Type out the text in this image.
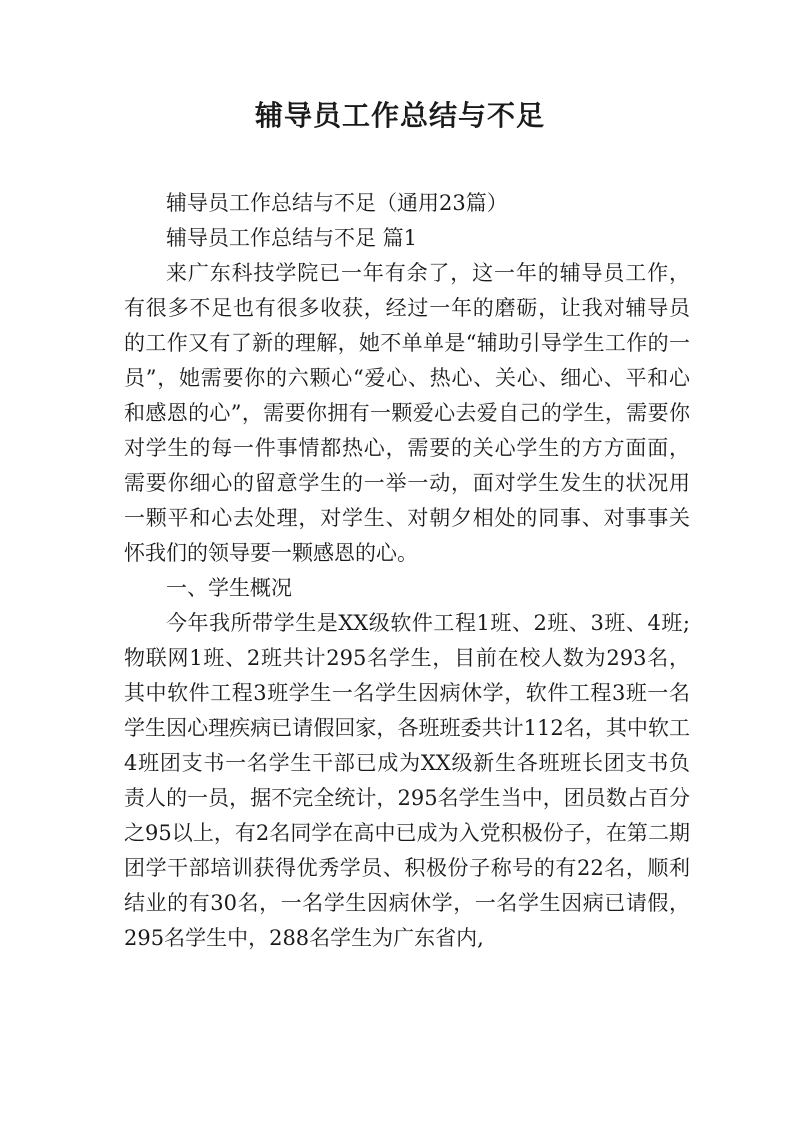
辅导员工作总结与不足

辅导员工作总结与不足（通用23篇）

辅导员工作总结与不足 篇1

来广东科技学院已一年有余了，这一年的辅导员工作，有很多不足也有很多收获，经过一年的磨砺，让我对辅导员的工作又有了新的理解，她不单单是“辅助引导学生工作的一员”，她需要你的六颗心“爱心、热心、关心、细心、平和心和感恩的心”，需要你拥有一颗爱心去爱自己的学生，需要你对学生的每一件事情都热心，需要的关心学生的方方面面，需要你细心的留意学生的一举一动，面对学生发生的状况用一颗平和心去处理，对学生、对朝夕相处的同事、对事事关怀我们的领导要一颗感恩的心。

一、学生概况

今年我所带学生是XX级软件工程1班、2班、3班、4班;物联网1班、2班共计295名学生，目前在校人数为293名，其中软件工程3班学生一名学生因病休学，软件工程3班一名学生因心理疾病已请假回家，各班班委共计112名，其中软工4班团支书一名学生干部已成为XX级新生各班班长团支书负责人的一员，据不完全统计，295名学生当中，团员数占百分之95以上，有2名同学在高中已成为入党积极份子，在第二期团学干部培训获得优秀学员、积极份子称号的有22名，顺利结业的有30名，一名学生因病休学，一名学生因病已请假，295名学生中，288名学生为广东省内,
